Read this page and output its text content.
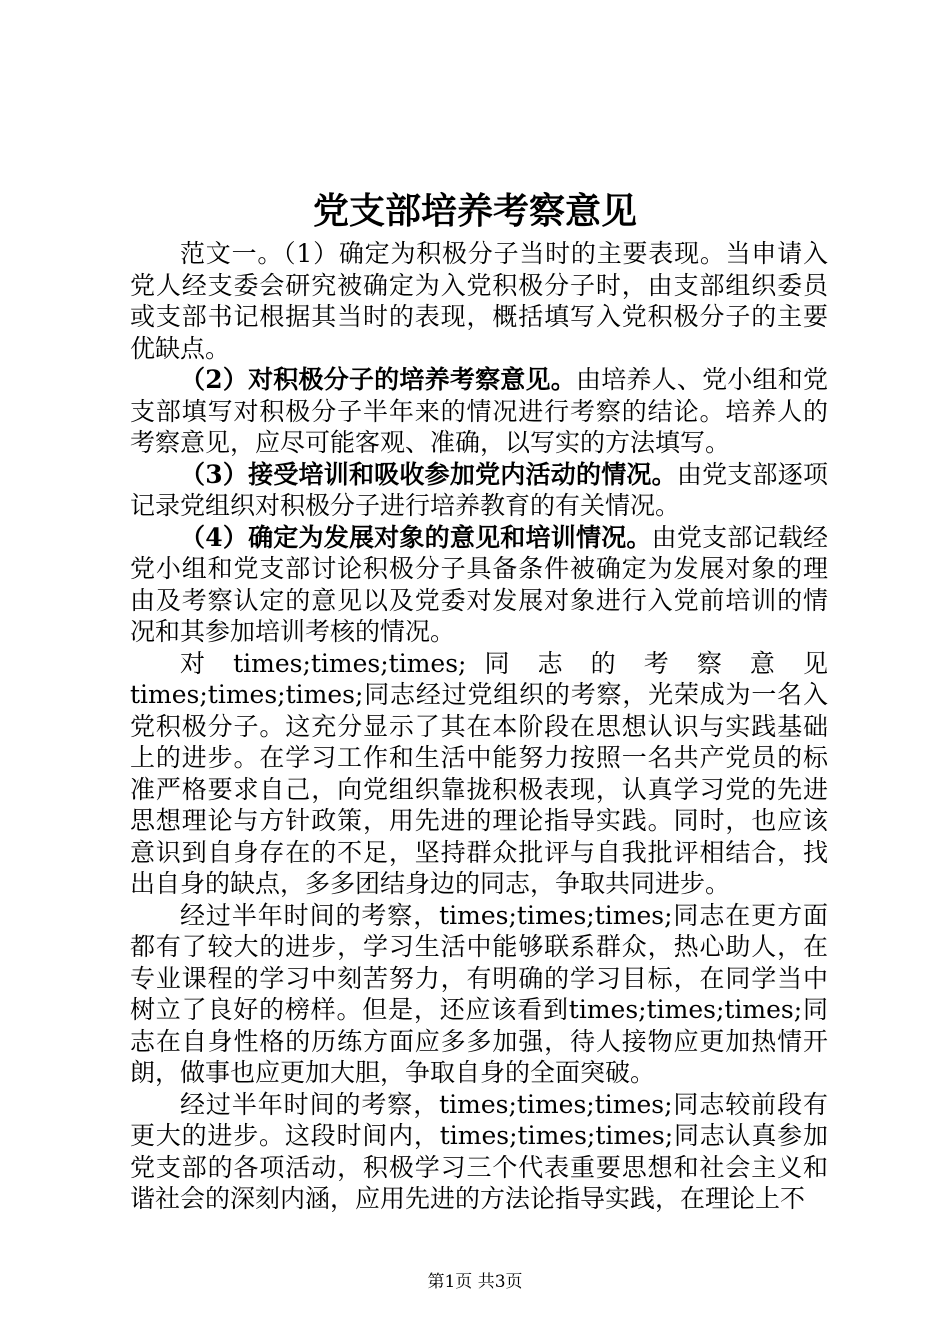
党支部培养考察意见

范文一。（1）确定为积极分子当时的主要表现。当申请入党人经支委会研究被确定为入党积极分子时，由支部组织委员或支部书记根据其当时的表现，概括填写入党积极分子的主要优缺点。

（2）对积极分子的培养考察意见。由培养人、党小组和党支部填写对积极分子半年来的情况进行考察的结论。培养人的考察意见，应尽可能客观、准确，以写实的方法填写。

（3）接受培训和吸收参加党内活动的情况。由党支部逐项记录党组织对积极分子进行培养教育的有关情况。

（4）确定为发展对象的意见和培训情况。由党支部记载经党小组和党支部讨论积极分子具备条件被确定为发展对象的理由及考察认定的意见以及党委对发展对象进行入党前培训的情况和其参加培训考核的情况。

对 times;times;times; 同 志 的 考 察 意 见 times;times;times;同志经过党组织的考察，光荣成为一名入党积极分子。这充分显示了其在本阶段在思想认识与实践基础上的进步。在学习工作和生活中能努力按照一名共产党员的标准严格要求自己，向党组织靠拢积极表现，认真学习党的先进思想理论与方针政策，用先进的理论指导实践。同时，也应该意识到自身存在的不足，坚持群众批评与自我批评相结合，找出自身的缺点，多多团结身边的同志，争取共同进步。

经过半年时间的考察，times;times;times;同志在更方面都有了较大的进步，学习生活中能够联系群众，热心助人，在专业课程的学习中刻苦努力，有明确的学习目标，在同学当中树立了良好的榜样。但是，还应该看到times;times;times;同志在自身性格的历练方面应多多加强，待人接物应更加热情开朗，做事也应更加大胆，争取自身的全面突破。

经过半年时间的考察，times;times;times;同志较前段有更大的进步。这段时间内，times;times;times;同志认真参加党支部的各项活动，积极学习三个代表重要思想和社会主义和谐社会的深刻内涵，应用先进的方法论指导实践，在理论上不

第1页 共3页
